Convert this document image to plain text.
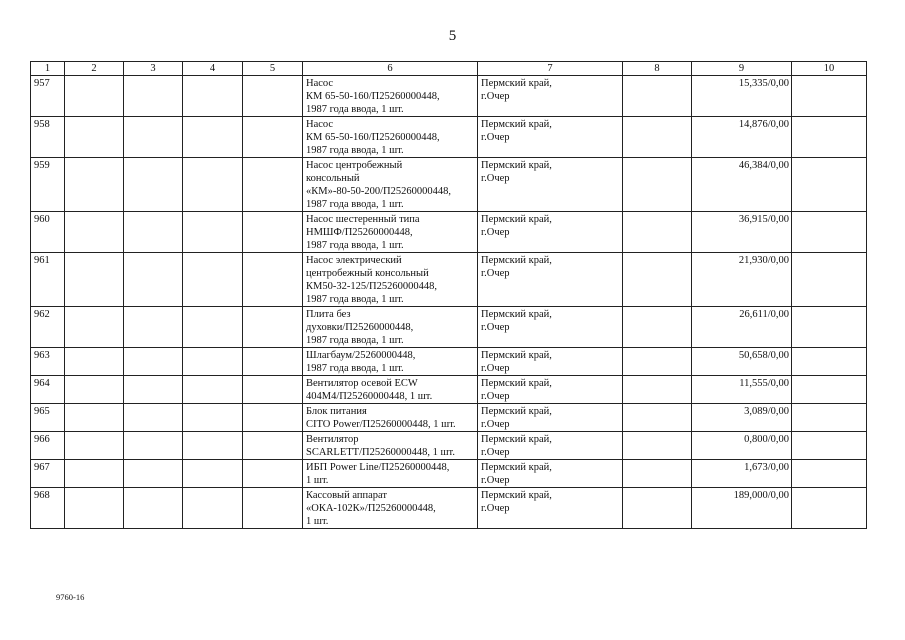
5
1	2	3	4	5	6	7	8	9	10
957					Насос
КМ 65-50-160/П25260000448,
1987 года ввода, 1 шт.	Пермский край,
г.Очер		15,335/0,00	
958					Насос
КМ 65-50-160/П25260000448,
1987 года ввода, 1 шт.	Пермский край,
г.Очер		14,876/0,00	
959					Насос центробежный
консольный
«КМ»-80-50-200/П25260000448,
1987 года ввода, 1 шт.	Пермский край,
г.Очер		46,384/0,00	
960					Насос шестеренный типа
НМШФ/П25260000448,
1987 года ввода, 1 шт.	Пермский край,
г.Очер		36,915/0,00	
961					Насос электрический
центробежный консольный
КМ50-32-125/П25260000448,
1987 года ввода, 1 шт.	Пермский край,
г.Очер		21,930/0,00	
962					Плита без
духовки/П25260000448,
1987 года ввода, 1 шт.	Пермский край,
г.Очер		26,611/0,00	
963					Шлагбаум/25260000448,
1987 года ввода, 1 шт.	Пермский край,
г.Очер		50,658/0,00	
964					Вентилятор осевой ECW
404M4/П25260000448, 1 шт.	Пермский край,
г.Очер		11,555/0,00	
965					Блок питания
CITO Power/П25260000448, 1 шт.	Пермский край,
г.Очер		3,089/0,00	
966					Вентилятор
SCARLETT/П25260000448, 1 шт.	Пермский край,
г.Очер		0,800/0,00	
967					ИБП Power Line/П25260000448,
1 шт.	Пермский край,
г.Очер		1,673/0,00	
968					Кассовый аппарат
«ОКА-102К»/П25260000448,
1 шт.	Пермский край,
г.Очер		189,000/0,00	
9760-16
